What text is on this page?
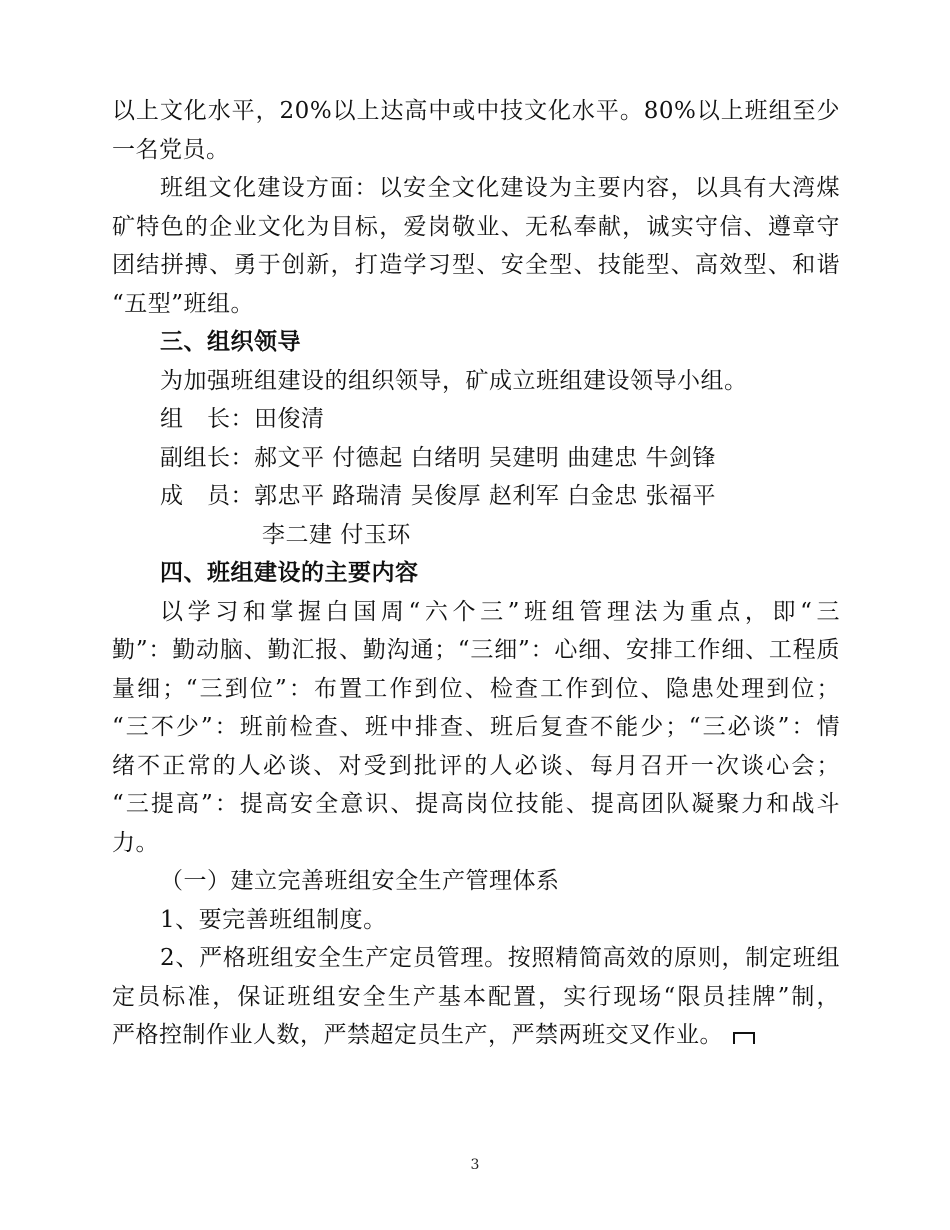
以上文化水平，20%以上达高中或中技文化水平。80%以上班组至少
一名党员。
班组文化建设方面：以安全文化建设为主要内容，以具有大湾煤
矿特色的企业文化为目标，爱岗敬业、无私奉献，诚实守信、遵章守
团结拼搏、勇于创新，打造学习型、安全型、技能型、高效型、和谐
“五型”班组。
三、组织领导
为加强班组建设的组织领导，矿成立班组建设领导小组。
组　长：田俊清
副组长：郝文平 付德起 白绪明 吴建明 曲建忠 牛剑锋
成　员：郭忠平 路瑞清 吴俊厚 赵利军 白金忠 张福平
李二建 付玉环
四、班组建设的主要内容
以学习和掌握白国周“六个三”班组管理法为重点，即“三
勤”：勤动脑、勤汇报、勤沟通；“三细”：心细、安排工作细、工程质
量细；“三到位”：布置工作到位、检查工作到位、隐患处理到位；
“三不少”：班前检查、班中排查、班后复查不能少；“三必谈”：情
绪不正常的人必谈、对受到批评的人必谈、每月召开一次谈心会；
“三提高”：提高安全意识、提高岗位技能、提高团队凝聚力和战斗
力。
（一）建立完善班组安全生产管理体系
1、要完善班组制度。
2、严格班组安全生产定员管理。按照精简高效的原则，制定班组
定员标准，保证班组安全生产基本配置，实行现场“限员挂牌”制，
严格控制作业人数，严禁超定员生产，严禁两班交叉作业。
3
